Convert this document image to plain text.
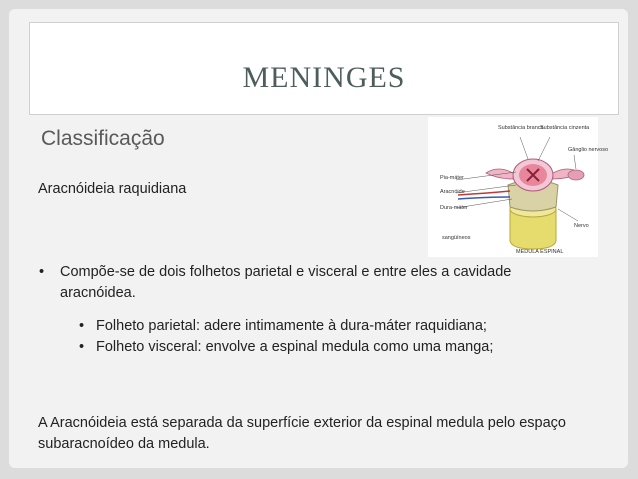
MENINGES
Classificação	Substância branca
Substância cinzenta
Gânglio nervoso
Pia-máter
Aracnóide
Dura-máter
Nervo
sangüíneos
MEDULA ESPINAL
Aracnóideia raquidiana
•	Compõe-se de dois folhetos parietal e visceral e entre eles a cavidade aracnóidea.
• Folheto parietal: adere intimamente à dura-máter raquidiana;
• Folheto visceral: envolve a espinal medula como uma manga;
A Aracnóideia está separada da superfície exterior da espinal medula pelo espaço subaracnoídeo da medula.
